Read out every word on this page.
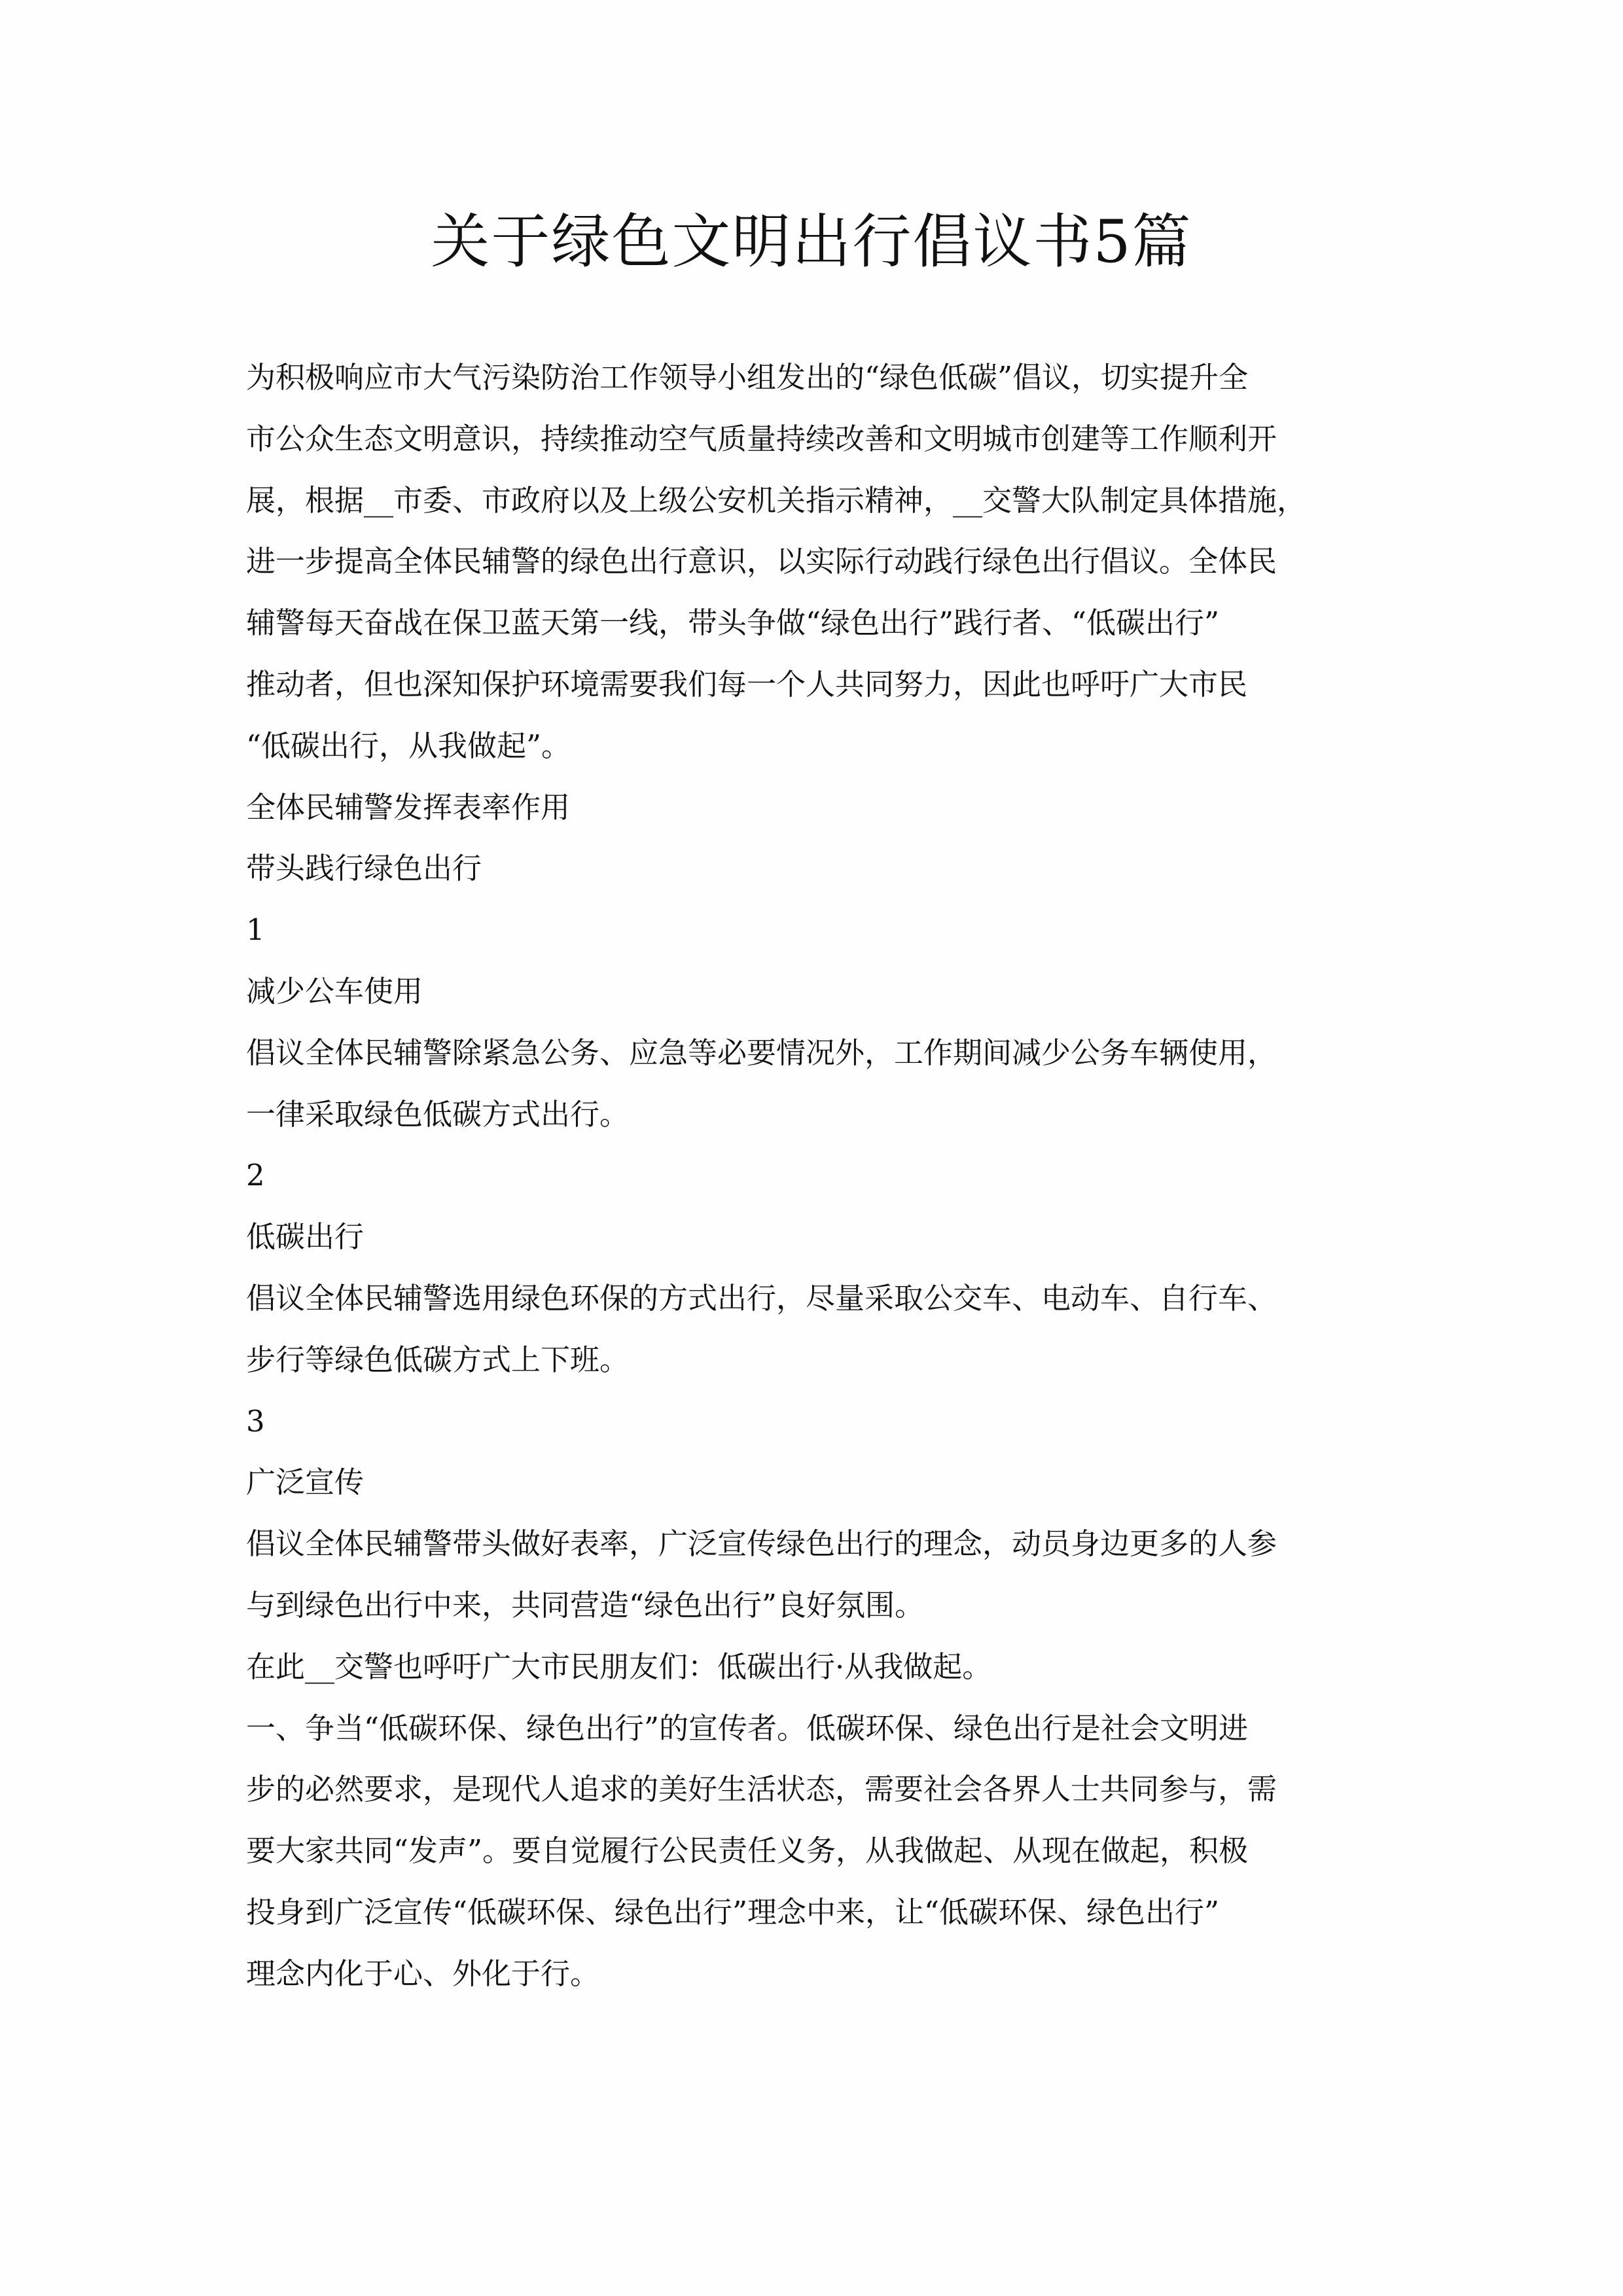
关于绿色文明出行倡议书5篇
为积极响应市大气污染防治工作领导小组发出的“绿色低碳”倡议，切实提升全
市公众生态文明意识，持续推动空气质量持续改善和文明城市创建等工作顺利开
展，根据__市委、市政府以及上级公安机关指示精神，__交警大队制定具体措施，
进一步提高全体民辅警的绿色出行意识，以实际行动践行绿色出行倡议。全体民
辅警每天奋战在保卫蓝天第一线，带头争做“绿色出行”践行者、“低碳出行”
推动者，但也深知保护环境需要我们每一个人共同努力，因此也呼吁广大市民
“低碳出行，从我做起”。
全体民辅警发挥表率作用
带头践行绿色出行
1
减少公车使用
倡议全体民辅警除紧急公务、应急等必要情况外，工作期间减少公务车辆使用，
一律采取绿色低碳方式出行。
2
低碳出行
倡议全体民辅警选用绿色环保的方式出行，尽量采取公交车、电动车、自行车、
步行等绿色低碳方式上下班。
3
广泛宣传
倡议全体民辅警带头做好表率，广泛宣传绿色出行的理念，动员身边更多的人参
与到绿色出行中来，共同营造“绿色出行”良好氛围。
在此__交警也呼吁广大市民朋友们：低碳出行·从我做起。
一、争当“低碳环保、绿色出行”的宣传者。低碳环保、绿色出行是社会文明进
步的必然要求，是现代人追求的美好生活状态，需要社会各界人士共同参与，需
要大家共同“发声”。要自觉履行公民责任义务，从我做起、从现在做起，积极
投身到广泛宣传“低碳环保、绿色出行”理念中来，让“低碳环保、绿色出行”
理念内化于心、外化于行。
